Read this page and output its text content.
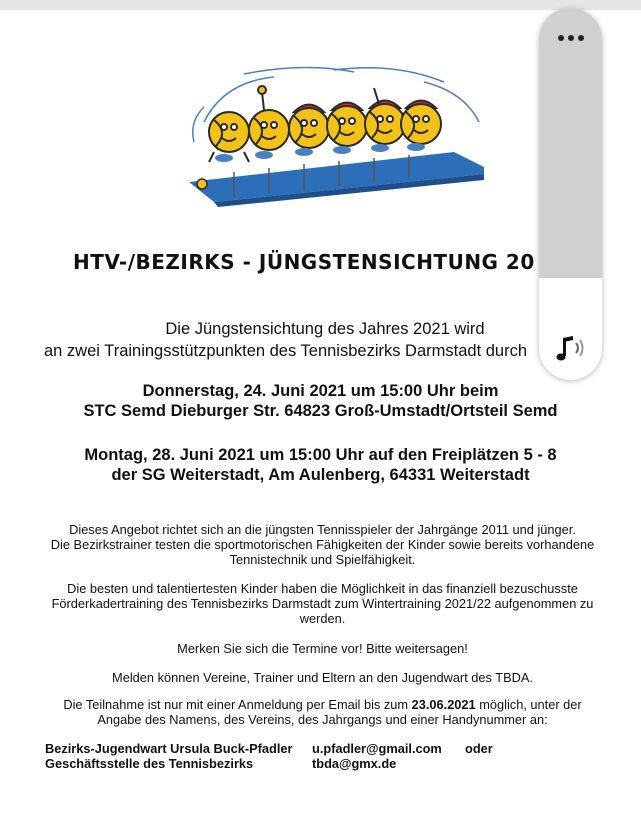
HTV-/BEZIRKS - JÜNGSTENSICHTUNG 20
Die Jüngstensichtung des Jahres 2021 wird
an zwei Trainingsstützpunkten des Tennisbezirks Darmstadt durch
Donnerstag, 24. Juni 2021 um 15:00 Uhr beim
STC Semd Dieburger Str. 64823 Groß-Umstadt/Ortsteil Semd
Montag, 28. Juni 2021 um 15:00 Uhr auf den Freiplätzen 5 - 8
der SG Weiterstadt, Am Aulenberg, 64331 Weiterstadt
Dieses Angebot richtet sich an die jüngsten Tennisspieler der Jahrgänge 2011 und jünger.
Die Bezirkstrainer testen die sportmotorischen Fähigkeiten der Kinder sowie bereits vorhandene
Tennistechnik und Spielfähigkeit.
Die besten und talentiertesten Kinder haben die Möglichkeit in das finanziell bezuschusste
Förderkadertraining des Tennisbezirks Darmstadt zum Wintertraining 2021/22 aufgenommen zu
werden.
Merken Sie sich die Termine vor! Bitte weitersagen!
Melden können Vereine, Trainer und Eltern an den Jugendwart des TBDA.
Die Teilnahme ist nur mit einer Anmeldung per Email bis zum 23.06.2021 möglich, unter der
Angabe des Namens, des Vereins, des Jahrgangs und einer Handynummer an:
Bezirks-Jugendwart Ursula Buck-Pfadler u.pfadler@gmail.com oder
Geschäftsstelle des Tennisbezirks	tbda@gmx.de
